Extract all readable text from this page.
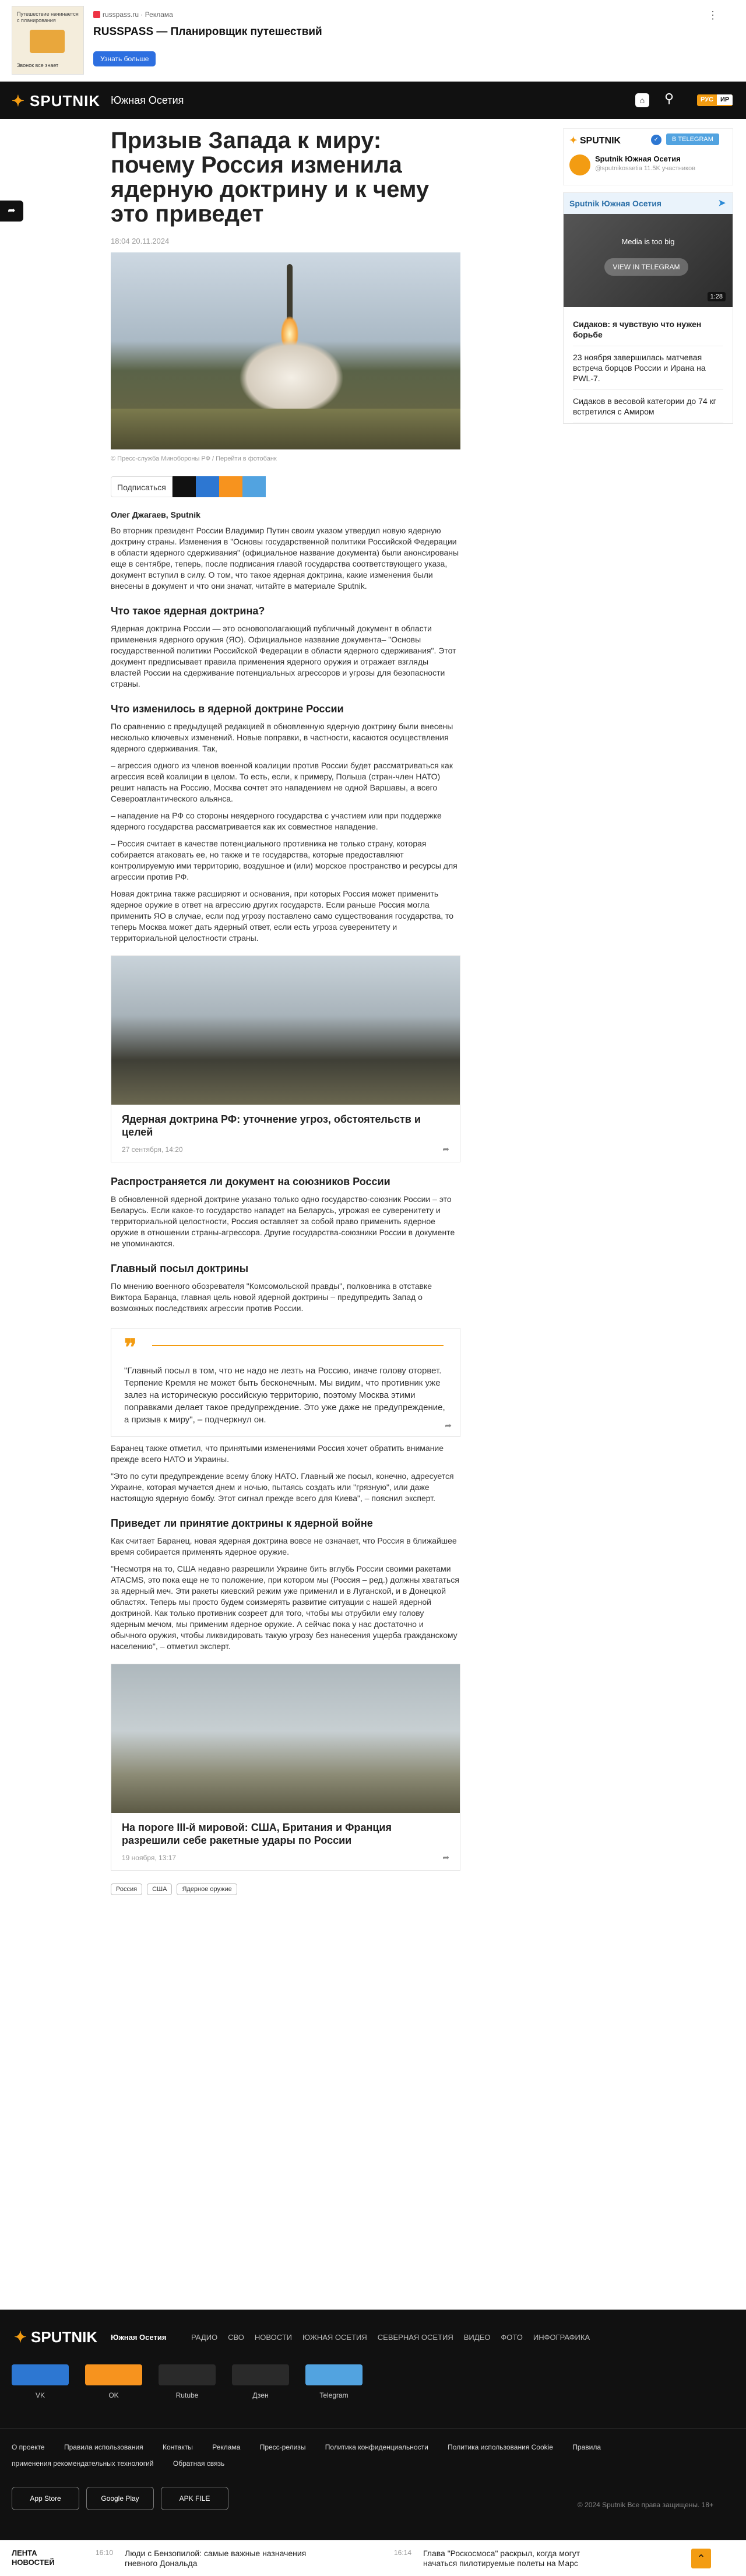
Путешествие начинается с планирования
Звонок все знает
russpass.ru · Реклама
RUSSPASS — Планировщик путешествий
Узнать больше
⋮
✦ SPUTNIK Южная Осетия	⌂	⚲	РУС ИР
➦
Призыв Запада к миру: почему Россия изменила ядерную доктрину и к чему это приведет
18:04 20.11.2024
© Пресс-служба Минобороны РФ / Перейти в фотобанк
Подписаться
Олег Джагаев, Sputnik

Во вторник президент России Владимир Путин своим указом утвердил новую ядерную доктрину страны. Изменения в "Основы государственной политики Российской Федерации в области ядерного сдерживания" (официальное название документа) были анонсированы еще в сентябре, теперь, после подписания главой государства соответствующего указа, документ вступил в силу. О том, что такое ядерная доктрина, какие изменения были внесены в документ и что они значат, читайте в материале Sputnik.

Что такое ядерная доктрина?

Ядерная доктрина России — это основополагающий публичный документ в области применения ядерного оружия (ЯО). Официальное название документа– "Основы государственной политики Российской Федерации в области ядерного сдерживания". Этот документ предписывает правила применения ядерного оружия и отражает взгляды властей России на сдерживание потенциальных агрессоров и угрозы для безопасности страны.

Что изменилось в ядерной доктрине России

По сравнению с предыдущей редакцией в обновленную ядерную доктрину были внесены несколько ключевых изменений. Новые поправки, в частности, касаются осуществления ядерного сдерживания. Так,

– агрессия одного из членов военной коалиции против России будет рассматриваться как агрессия всей коалиции в целом. То есть, если, к примеру, Польша (стран-член НАТО) решит напасть на Россию, Москва сочтет это нападением не одной Варшавы, а всего Североатлантического альянса.

– нападение на РФ со стороны неядерного государства с участием или при поддержке ядерного государства рассматривается как их совместное нападение.

– Россия считает в качестве потенциального противника не только страну, которая собирается атаковать ее, но также и те государства, которые предоставляют контролируемую ими территорию, воздушное и (или) морское пространство и ресурсы для агрессии против РФ.

Новая доктрина также расширяют и основания, при которых Россия может применить ядерное оружие в ответ на агрессию других государств. Если раньше Россия могла применить ЯО в случае, если под угрозу поставлено само существования государства, то теперь Москва может дать ядерный ответ, если есть угроза суверенитету и территориальной целостности страны.

Ядерная доктрина РФ: уточнение угроз, обстоятельств и целей
27 сентября, 14:20	➦
Распространяется ли документ на союзников России

В обновленной ядерной доктрине указано только одно государство-союзник России – это Беларусь. Если какое-то государство нападет на Беларусь, угрожая ее суверенитету и территориальной целостности, Россия оставляет за собой право применить ядерное оружие в отношении страны-агрессора. Другие государства-союзники России в документе не упоминаются.

Главный посыл доктрины

По мнению военного обозревателя "Комсомольской правды", полковника в отставке Виктора Баранца, главная цель новой ядерной доктрины – предупредить Запад о возможных последствиях агрессии против России.

❞
"Главный посыл в том, что не надо не лезть на Россию, иначе голову оторвет. Терпение Кремля не может быть бесконечным. Мы видим, что противник уже залез на историческую российскую территорию, поэтому Москва этими поправками делает такое предупреждение. Это уже даже не предупреждение, а призыв к миру", – подчеркнул он.
➦

Баранец также отметил, что принятыми изменениями Россия хочет обратить внимание прежде всего НАТО и Украины.

"Это по сути предупреждение всему блоку НАТО. Главный же посыл, конечно, адресуется Украине, которая мучается днем и ночью, пытаясь создать или "грязную", или даже настоящую ядерную бомбу. Этот сигнал прежде всего для Киева", – пояснил эксперт.

Приведет ли принятие доктрины к ядерной войне

Как считает Баранец, новая ядерная доктрина вовсе не означает, что Россия в ближайшее время собирается применять ядерное оружие.

"Несмотря на то, США недавно разрешили Украине бить вглубь России своими ракетами ATACMS, это пока еще не то положение, при котором мы (Россия – ред.) должны хвататься за ядерный меч. Эти ракеты киевский режим уже применил и в Луганской, и в Донецкой областях. Теперь мы просто будем соизмерять развитие ситуации с нашей ядерной доктриной. Как только противник созреет для того, чтобы мы отрубили ему голову ядерным мечом, мы применим ядерное оружие. А сейчас пока у нас достаточно и обычного оружия, чтобы ликвидировать такую угрозу без нанесения ущерба гражданскому населению", – отметил эксперт.

На пороге III-й мировой: США, Британия и Франция разрешили себе ракетные удары по России
19 ноября, 13:17	➦
Россия	США	Ядерное оружие
✦ SPUTNIK	✓	В TELEGRAM
Sputnik Южная Осетия
@sputnikossetia 11.5K участников
Sputnik Южная Осетия	➤
Media is too big
VIEW IN TELEGRAM
1:28
Сидаков: я чувствую что нужен борьбе
23 ноября завершилась матчевая встреча борцов России и Ирана на PWL-7.
Сидаков в весовой категории до 74 кг встретился с Амиром
✦ SPUTNIK Южная Осетия	РАДИО СВО НОВОСТИ ЮЖНАЯ ОСЕТИЯ СЕВЕРНАЯ ОСЕТИЯ ВИДЕО ФОТО ИНФОГРАФИКА
VK	OK	Rutube	Дзен	Telegram
О проекте	Правила использования	Контакты	Реклама	Пресс-релизы	Политика конфиденциальности	Политика использования Cookie	Правила применения рекомендательных технологий	Обратная связь
App Store	Google Play	APK FILE
© 2024 Sputnik Все права защищены. 18+
ЛЕНТА НОВОСТЕЙ
16:10 Люди с Бензопилой: самые важные назначения гневного Дональда
16:14 Глава "Роскосмоса" раскрыл, когда могут начаться пилотируемые полеты на Марс	⌃
